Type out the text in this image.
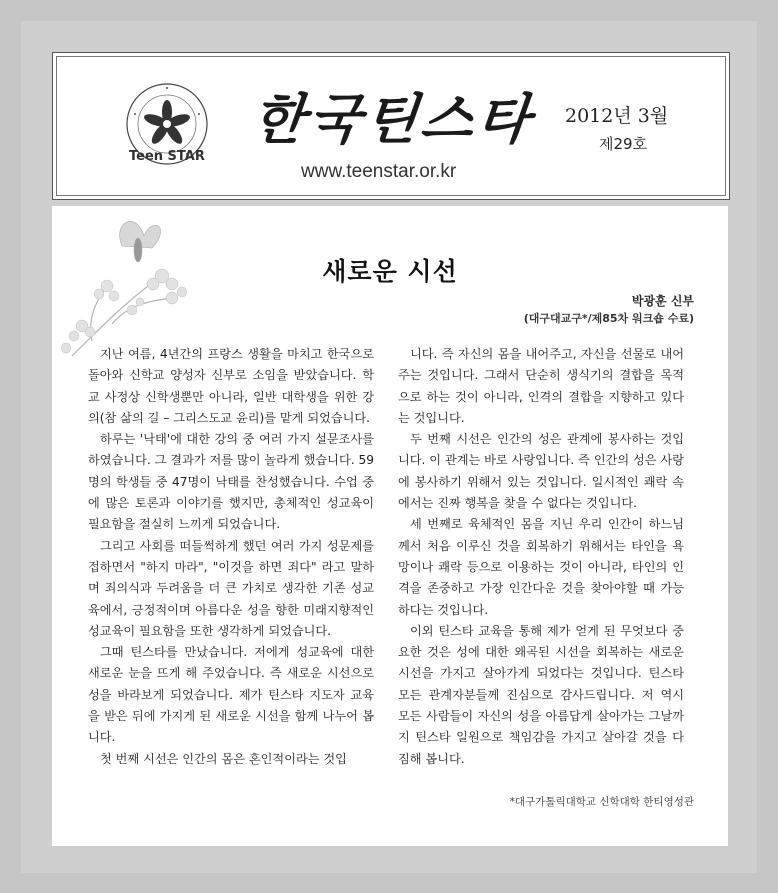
Teen STAR
한국틴스타 2012년 3월
제29호
www.teenstar.or.kr
새로운 시선
박광훈 신부
(대구대교구*/제85차 워크숍 수료)

지난 여름, 4년간의 프랑스 생활을 마치고 한국으로 돌아와 신학교 양성자 신부로 소임을 받았습니다. 학교 사정상 신학생뿐만 아니라, 일반 대학생을 위한 강의(참 삶의 길 – 그리스도교 윤리)를 맡게 되었습니다.

하루는 '낙태'에 대한 강의 중 여러 가지 설문조사를 하였습니다. 그 결과가 저를 많이 놀라게 했습니다. 59명의 학생들 중 47명이 낙태를 찬성했습니다. 수업 중에 많은 토론과 이야기를 했지만, 총체적인 성교육이 필요함을 절실히 느끼게 되었습니다.

그리고 사회를 떠들썩하게 했던 여러 가지 성문제를 접하면서 "하지 마라", "이것을 하면 죄다" 라고 말하며 죄의식과 두려움을 더 큰 가치로 생각한 기존 성교육에서, 긍정적이며 아름다운 성을 향한 미래지향적인 성교육이 필요함을 또한 생각하게 되었습니다.

그때 틴스타를 만났습니다. 저에게 성교육에 대한 새로운 눈을 뜨게 해 주었습니다. 즉 새로운 시선으로 성을 바라보게 되었습니다. 제가 틴스타 지도자 교육을 받은 뒤에 가지게 된 새로운 시선을 함께 나누어 봅니다.

첫 번째 시선은 인간의 몸은 혼인적이라는 것입

니다. 즉 자신의 몸을 내어주고, 자신을 선물로 내어주는 것입니다. 그래서 단순히 생식기의 결합을 목적으로 하는 것이 아니라, 인격의 결합을 지향하고 있다는 것입니다.

두 번째 시선은 인간의 성은 관계에 봉사하는 것입니다. 이 관계는 바로 사랑입니다. 즉 인간의 성은 사랑에 봉사하기 위해서 있는 것입니다. 일시적인 쾌락 속에서는 진짜 행복을 찾을 수 없다는 것입니다.

세 번째로 육체적인 몸을 지닌 우리 인간이 하느님께서 처음 이루신 것을 회복하기 위해서는 타인을 욕망이나 쾌락 등으로 이용하는 것이 아니라, 타인의 인격을 존중하고 가장 인간다운 것을 찾아야할 때 가능하다는 것입니다.

이외 틴스타 교육을 통해 제가 얻게 된 무엇보다 중요한 것은 성에 대한 왜곡된 시선을 회복하는 새로운 시선을 가지고 살아가게 되었다는 것입니다. 틴스타 모든 관계자분들께 진심으로 감사드립니다. 저 역시 모든 사람들이 자신의 성을 아름답게 살아가는 그날까지 틴스타 일원으로 책임감을 가지고 살아갈 것을 다짐해 봅니다.

*대구가톨릭대학교 신학대학 한티영성관
